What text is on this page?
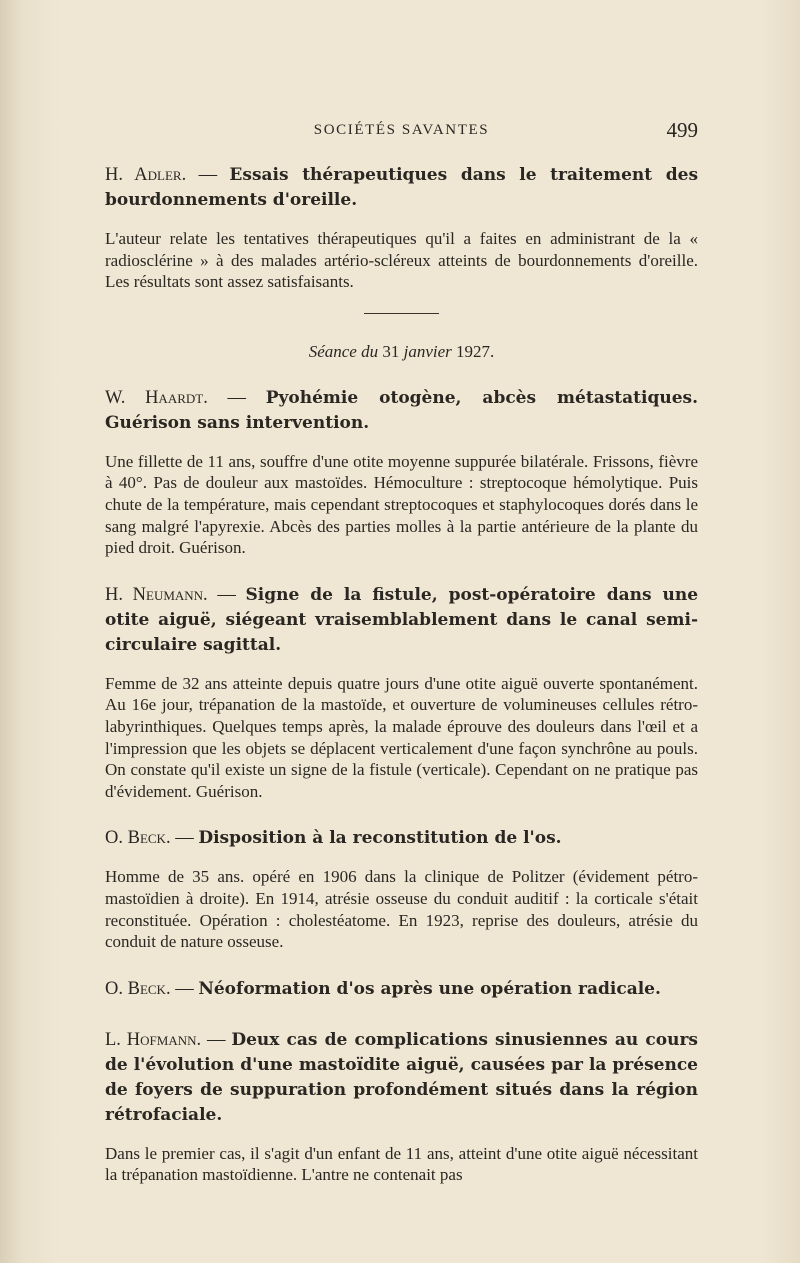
SOCIÉTÉS SAVANTES	499

H. Adler. — Essais thérapeutiques dans le traitement des bourdonnements d'oreille.

L'auteur relate les tentatives thérapeutiques qu'il a faites en administrant de la « radiosclérine » à des malades artério-scléreux atteints de bourdonnements d'oreille. Les résultats sont assez satisfaisants.

Séance du 31 janvier 1927.

W. Haardt. — Pyohémie otogène, abcès métastatiques. Guérison sans intervention.

Une fillette de 11 ans, souffre d'une otite moyenne suppurée bilatérale. Frissons, fièvre à 40°. Pas de douleur aux mastoïdes. Hémoculture : streptocoque hémolytique. Puis chute de la température, mais cependant streptocoques et staphylocoques dorés dans le sang malgré l'apyrexie. Abcès des parties molles à la partie antérieure de la plante du pied droit. Guérison.

H. Neumann. — Signe de la fistule, post-opératoire dans une otite aiguë, siégeant vraisemblablement dans le canal semi-circulaire sagittal.

Femme de 32 ans atteinte depuis quatre jours d'une otite aiguë ouverte spontanément. Au 16e jour, trépanation de la mastoïde, et ouverture de volumineuses cellules rétro-labyrinthiques. Quelques temps après, la malade éprouve des douleurs dans l'œil et a l'impression que les objets se déplacent verticalement d'une façon synchrône au pouls. On constate qu'il existe un signe de la fistule (verticale). Cependant on ne pratique pas d'évidement. Guérison.

O. Beck. — Disposition à la reconstitution de l'os.

Homme de 35 ans. opéré en 1906 dans la clinique de Politzer (évidement pétro-mastoïdien à droite). En 1914, atrésie osseuse du conduit auditif : la corticale s'était reconstituée. Opération : cholestéatome. En 1923, reprise des douleurs, atrésie du conduit de nature osseuse.

O. Beck. — Néoformation d'os après une opération radicale.

L. Hofmann. — Deux cas de complications sinusiennes au cours de l'évolution d'une mastoïdite aiguë, causées par la présence de foyers de suppuration profondément situés dans la région rétrofaciale.

Dans le premier cas, il s'agit d'un enfant de 11 ans, atteint d'une otite aiguë nécessitant la trépanation mastoïdienne. L'antre ne contenait pas
